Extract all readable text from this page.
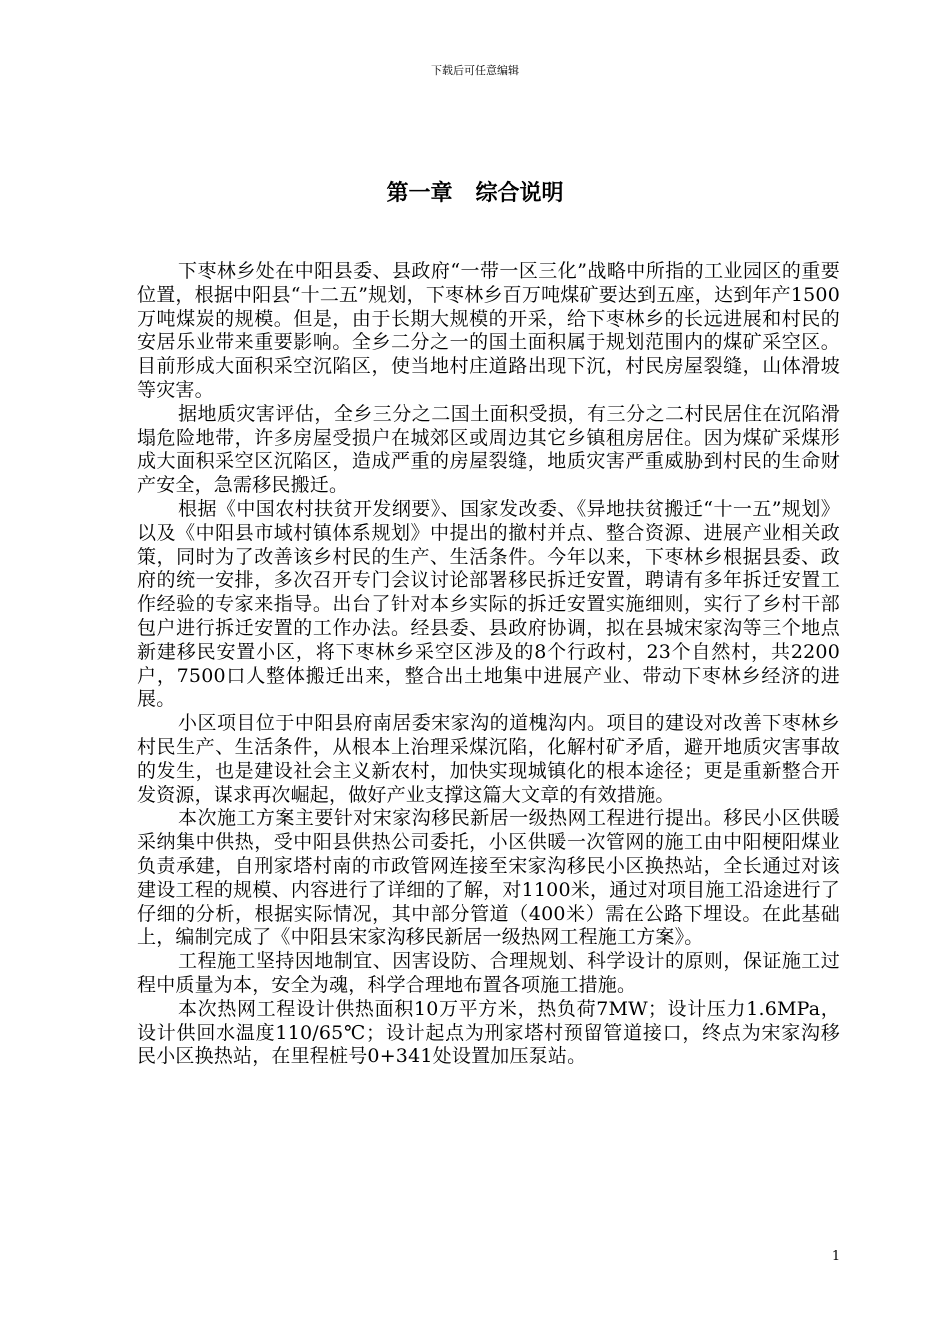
下载后可任意编辑
第一章   综合说明

下枣林乡处在中阳县委、县政府“一带一区三化”战略中所指的工业园区的重要位置，根据中阳县“十二五”规划，下枣林乡百万吨煤矿要达到五座，达到年产1500万吨煤炭的规模。但是，由于长期大规模的开采，给下枣林乡的长远进展和村民的安居乐业带来重要影响。全乡二分之一的国土面积属于规划范围内的煤矿采空区。目前形成大面积采空沉陷区，使当地村庄道路出现下沉，村民房屋裂缝，山体滑坡等灾害。

据地质灾害评估，全乡三分之二国土面积受损，有三分之二村民居住在沉陷滑塌危险地带，许多房屋受损户在城郊区或周边其它乡镇租房居住。因为煤矿采煤形成大面积采空区沉陷区，造成严重的房屋裂缝，地质灾害严重威胁到村民的生命财产安全，急需移民搬迁。

根据《中国农村扶贫开发纲要》、国家发改委、《异地扶贫搬迁“十一五”规划》以及《中阳县市域村镇体系规划》中提出的撤村并点、整合资源、进展产业相关政策，同时为了改善该乡村民的生产、生活条件。今年以来，下枣林乡根据县委、政府的统一安排，多次召开专门会议讨论部署移民拆迁安置，聘请有多年拆迁安置工作经验的专家来指导。出台了针对本乡实际的拆迁安置实施细则，实行了乡村干部包户进行拆迁安置的工作办法。经县委、县政府协调，拟在县城宋家沟等三个地点新建移民安置小区，将下枣林乡采空区涉及的8个行政村，23个自然村，共2200户，7500口人整体搬迁出来，整合出土地集中进展产业、带动下枣林乡经济的进展。

小区项目位于中阳县府南居委宋家沟的道槐沟内。项目的建设对改善下枣林乡村民生产、生活条件，从根本上治理采煤沉陷，化解村矿矛盾，避开地质灾害事故的发生，也是建设社会主义新农村，加快实现城镇化的根本途径；更是重新整合开发资源，谋求再次崛起，做好产业支撑这篇大文章的有效措施。

本次施工方案主要针对宋家沟移民新居一级热网工程进行提出。移民小区供暖采纳集中供热，受中阳县供热公司委托，小区供暖一次管网的施工由中阳梗阳煤业负责承建，自刑家塔村南的市政管网连接至宋家沟移民小区换热站，全长通过对该建设工程的规模、内容进行了详细的了解，对1100米，通过对项目施工沿途进行了仔细的分析，根据实际情况，其中部分管道（400米）需在公路下埋设。在此基础上，编制完成了《中阳县宋家沟移民新居一级热网工程施工方案》。

工程施工坚持因地制宜、因害设防、合理规划、科学设计的原则，保证施工过程中质量为本，安全为魂，科学合理地布置各项施工措施。

本次热网工程设计供热面积10万平方米，热负荷7MW；设计压力1.6MPa，设计供回水温度110/65℃；设计起点为刑家塔村预留管道接口，终点为宋家沟移民小区换热站，在里程桩号0+341处设置加压泵站。

1
